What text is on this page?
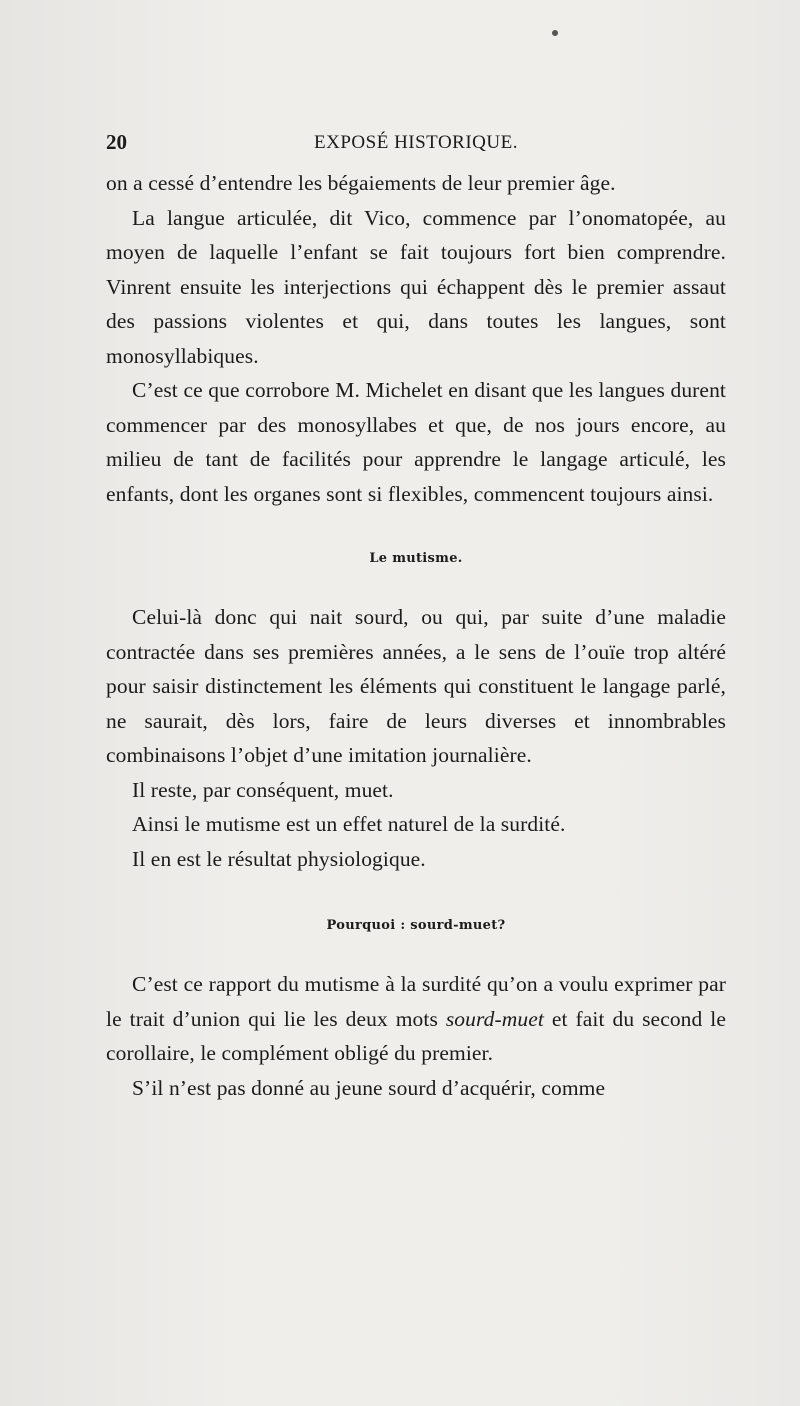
20	EXPOSÉ HISTORIQUE.

on a cessé d’entendre les bégaiements de leur premier âge.

La langue articulée, dit Vico, commence par l’onomatopée, au moyen de laquelle l’enfant se fait toujours fort bien comprendre. Vinrent ensuite les interjections qui échappent dès le premier assaut des passions violentes et qui, dans toutes les langues, sont monosyllabiques.

C’est ce que corrobore M. Michelet en disant que les langues durent commencer par des monosyllabes et que, de nos jours encore, au milieu de tant de facilités pour apprendre le langage articulé, les enfants, dont les organes sont si flexibles, commencent toujours ainsi.

Le mutisme.

Celui-là donc qui nait sourd, ou qui, par suite d’une maladie contractée dans ses premières années, a le sens de l’ouïe trop altéré pour saisir distinctement les éléments qui constituent le langage parlé, ne saurait, dès lors, faire de leurs diverses et innombrables combinaisons l’objet d’une imitation journalière.

Il reste, par conséquent, muet.

Ainsi le mutisme est un effet naturel de la surdité.

Il en est le résultat physiologique.

Pourquoi : sourd-muet?

C’est ce rapport du mutisme à la surdité qu’on a voulu exprimer par le trait d’union qui lie les deux mots sourd-muet et fait du second le corollaire, le complément obligé du premier.

S’il n’est pas donné au jeune sourd d’acquérir, comme
